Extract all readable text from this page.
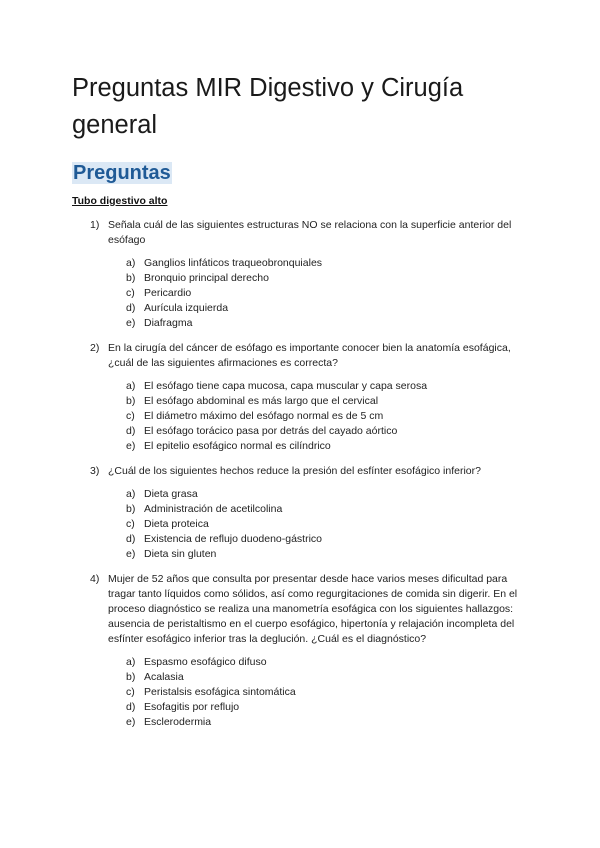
Preguntas MIR Digestivo y Cirugía general
Preguntas
Tubo digestivo alto

1) Señala cuál de las siguientes estructuras NO se relaciona con la superficie anterior del esófago

a) Ganglios linfáticos traqueobronquiales
b) Bronquio principal derecho
c) Pericardio
d) Aurícula izquierda
e) Diafragma

2) En la cirugía del cáncer de esófago es importante conocer bien la anatomía esofágica, ¿cuál de las siguientes afirmaciones es correcta?

a) El esófago tiene capa mucosa, capa muscular y capa serosa
b) El esófago abdominal es más largo que el cervical
c) El diámetro máximo del esófago normal es de 5 cm
d) El esófago torácico pasa por detrás del cayado aórtico
e) El epitelio esofágico normal es cilíndrico

3) ¿Cuál de los siguientes hechos reduce la presión del esfínter esofágico inferior?

a) Dieta grasa
b) Administración de acetilcolina
c) Dieta proteica
d) Existencia de reflujo duodeno-gástrico
e) Dieta sin gluten

4) Mujer de 52 años que consulta por presentar desde hace varios meses dificultad para tragar tanto líquidos como sólidos, así como regurgitaciones de comida sin digerir. En el proceso diagnóstico se realiza una manometría esofágica con los siguientes hallazgos: ausencia de peristaltismo en el cuerpo esofágico, hipertonía y relajación incompleta del esfínter esofágico inferior tras la deglución. ¿Cuál es el diagnóstico?

a) Espasmo esofágico difuso
b) Acalasia
c) Peristalsis esofágica sintomática
d) Esofagitis por reflujo
e) Esclerodermia
